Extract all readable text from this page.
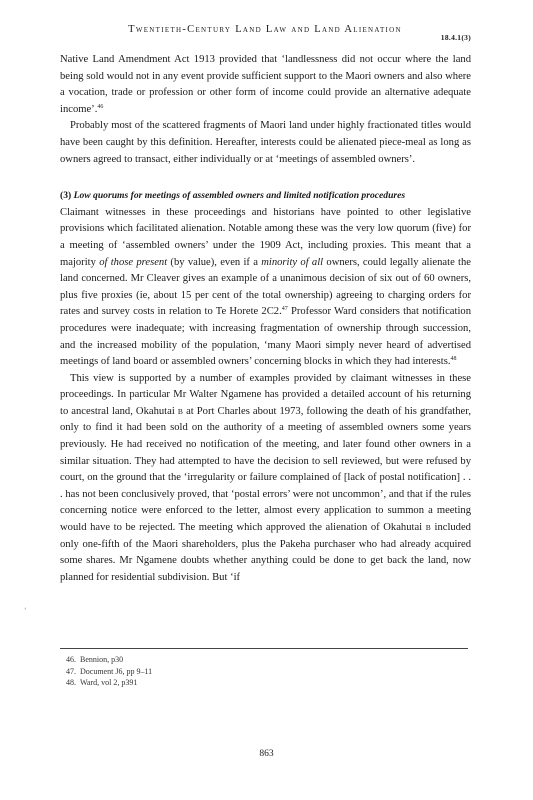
Twentieth-Century Land Law and Land Alienation
18.4.1(3)

Native Land Amendment Act 1913 provided that ‘landlessness did not occur where the land being sold would not in any event provide sufficient support to the Maori owners and also where a vocation, trade or profession or other form of income could provide an alternative adequate income’.$^{46}$

Probably most of the scattered fragments of Maori land under highly fractionated titles would have been caught by this definition. Hereafter, interests could be alienated piece-meal as long as owners agreed to transact, either individually or at ‘meetings of assembled owners’.

(3) Low quorums for meetings of assembled owners and limited notification procedures

Claimant witnesses in these proceedings and historians have pointed to other legislative provisions which facilitated alienation. Notable among these was the very low quorum (five) for a meeting of ‘assembled owners’ under the 1909 Act, including proxies. This meant that a majority of those present (by value), even if a minority of all owners, could legally alienate the land concerned. Mr Cleaver gives an example of a unanimous decision of six out of 60 owners, plus five proxies (ie, about 15 per cent of the total ownership) agreeing to charging orders for rates and survey costs in relation to Te Horete 2C2.47 Professor Ward considers that notification procedures were inadequate; with increasing fragmentation of ownership through succession, and the increased mobility of the population, ‘many Maori simply never heard of advertised meetings of land board or assembled owners’ concerning blocks in which they had interests.$^{48}$

This view is supported by a number of examples provided by claimant witnesses in these proceedings. In particular Mr Walter Ngamene has provided a detailed account of his returning to ancestral land, Okahutai B at Port Charles about 1973, following the death of his grandfather, only to find it had been sold on the authority of a meeting of assembled owners some years previously. He had received no notification of the meeting, and later found other owners in a similar situation. They had attempted to have the decision to sell reviewed, but were refused by court, on the ground that the ‘irregularity or failure complained of [lack of postal notification] . . . has not been conclusively proved, that ‘postal errors’ were not uncommon’, and that if the rules concerning notice were enforced to the letter, almost every application to summon a meeting would have to be rejected. The meeting which approved the alienation of Okahutai B included only one-fifth of the Maori shareholders, plus the Pakeha purchaser who had already acquired some shares. Mr Ngamene doubts whether anything could be done to get back the land, now planned for residential subdivision. But ‘if

‘
46. Bennion, p30
47. Document J6, pp 9–11
48. Ward, vol 2, p391
863
